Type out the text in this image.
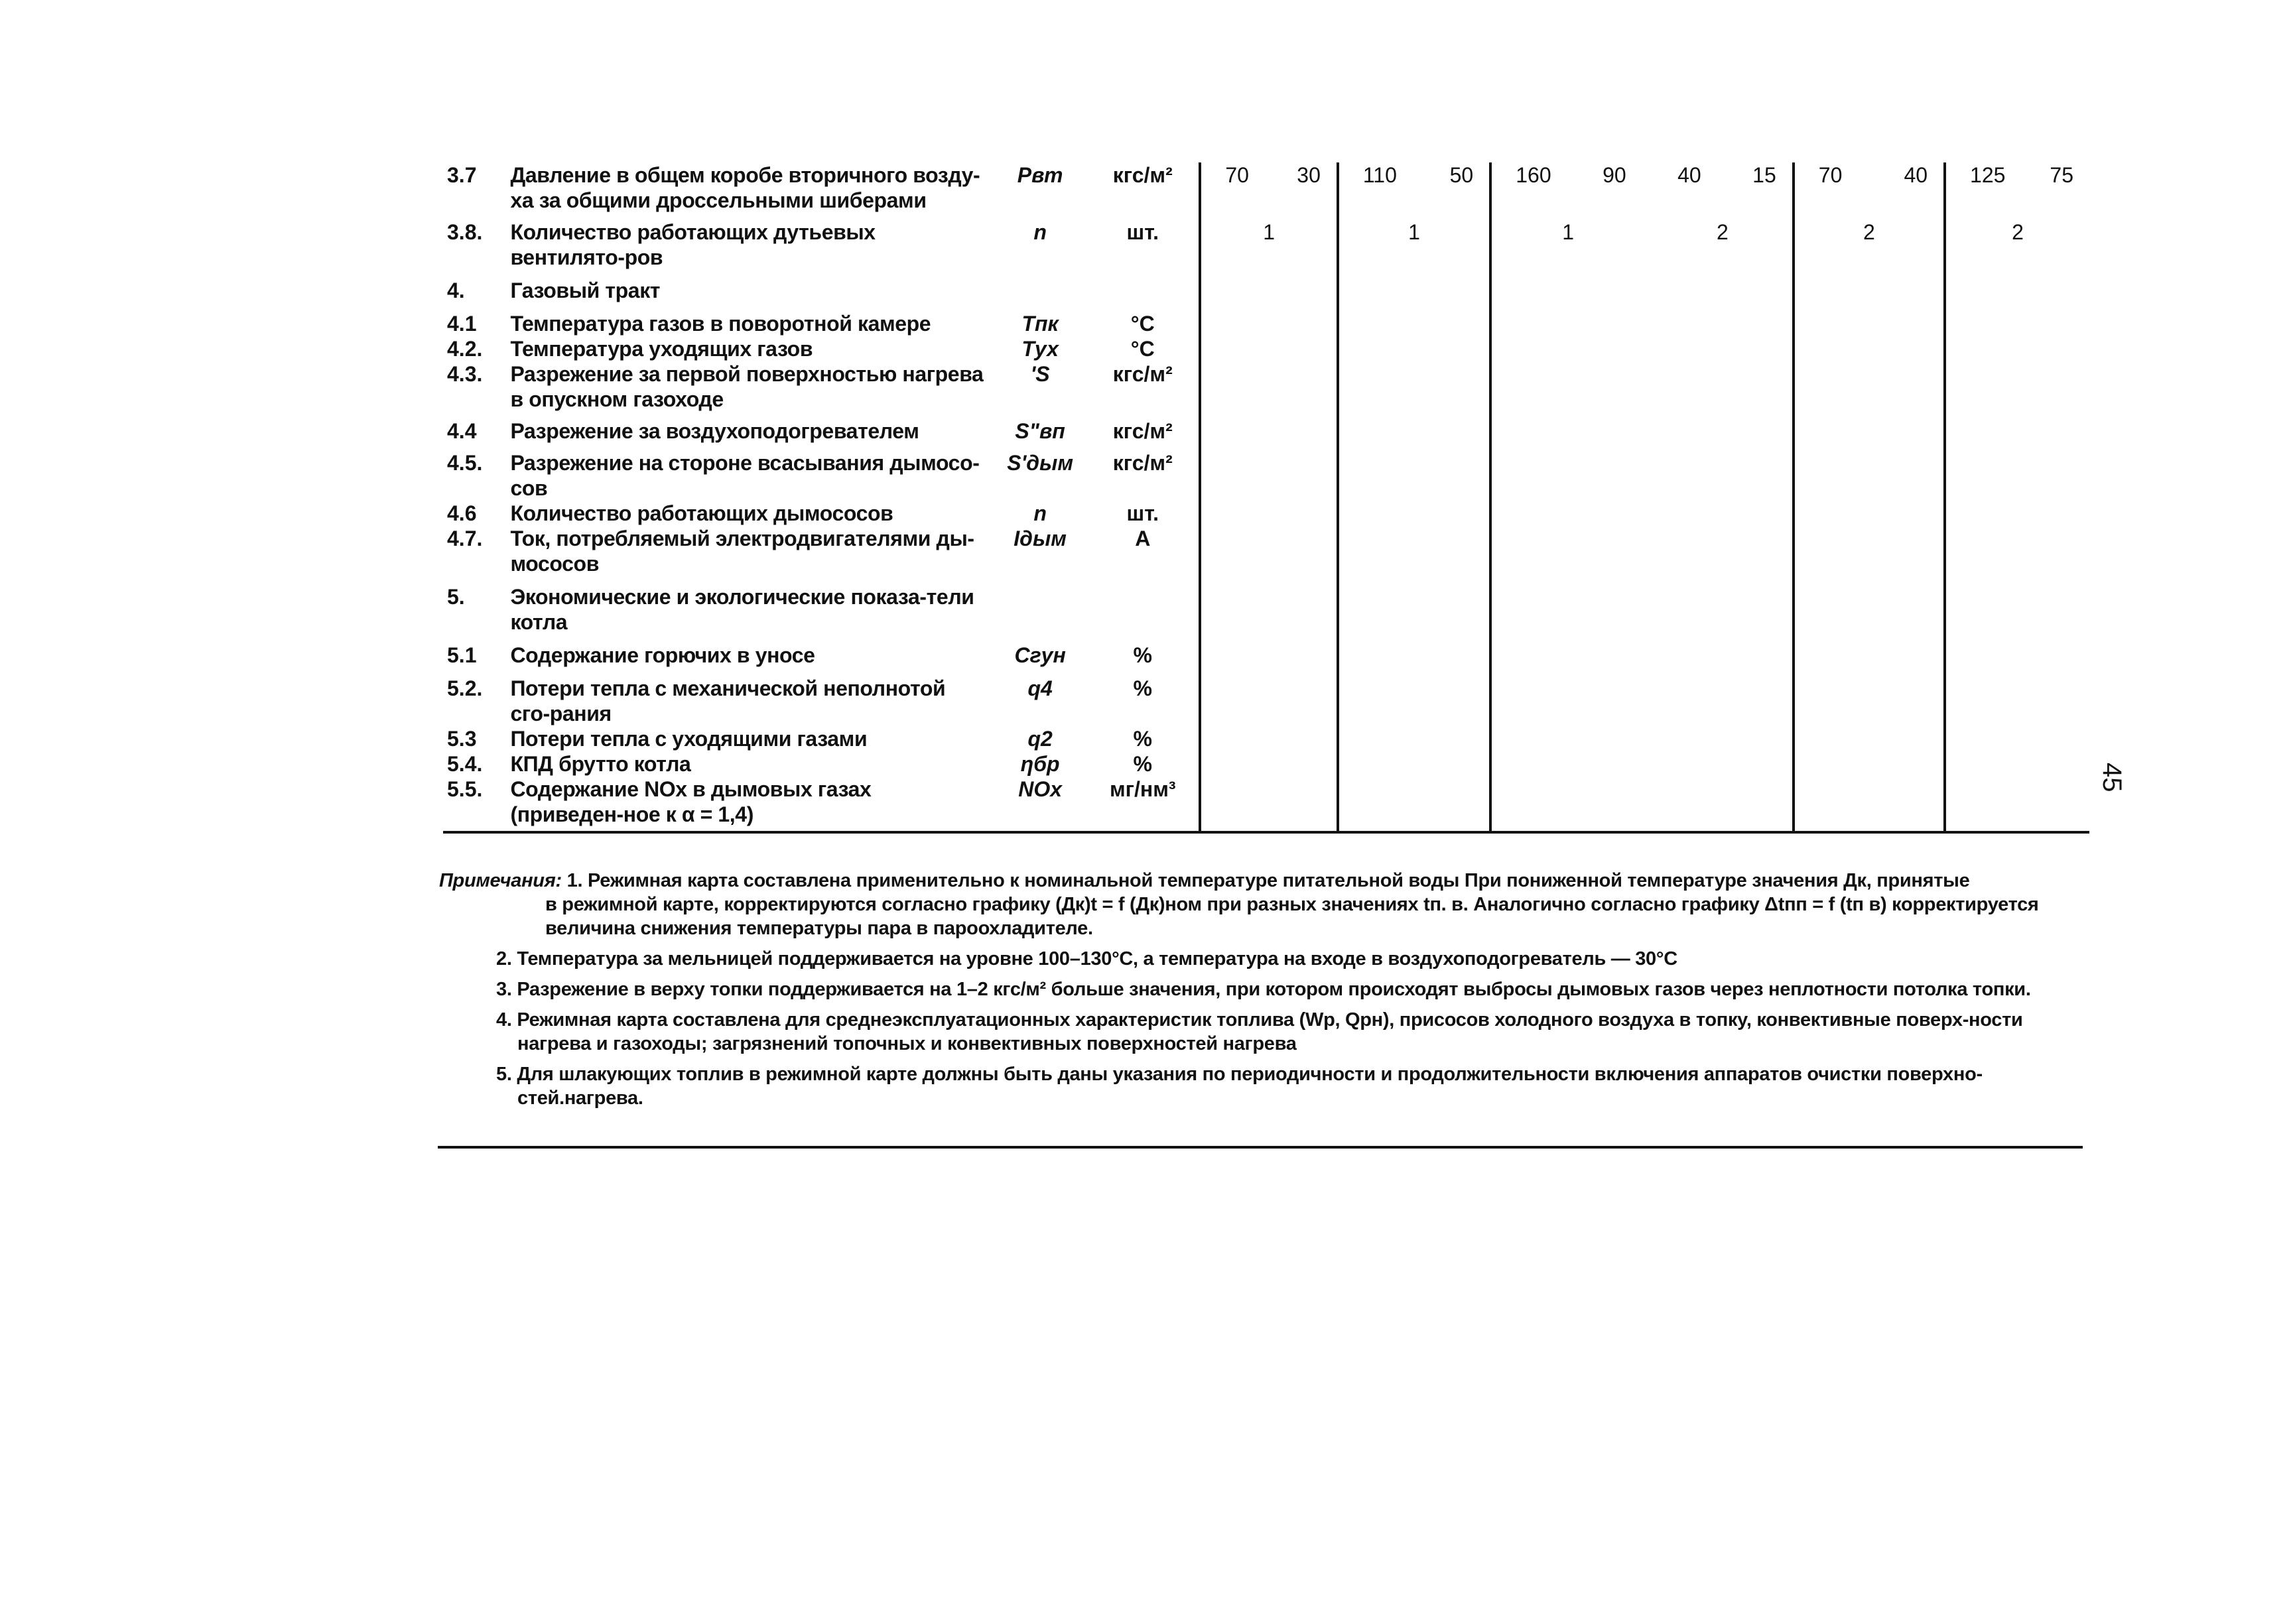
3.7	Давление в общем коробе вторичного возду-ха за общими дроссельными шиберами	Pвт	кгс/м²	70 30	110 50	160 90 40 15	70 40	125 75

3.8.	Количество работающих дутьевых вентилято-ров	n	шт.	1	1	1 2	2	2
4.	Газовый тракт							
4.1	Температура газов в поворотной камере	Tпк	°C					
4.2.	Температура уходящих газов	Tух	°C					
4.3.	Разрежение за первой поверхностью нагрева в опускном газоходе	'S	кгс/м²					
4.4	Разрежение за воздухоподогревателем	S"вп	кгс/м²					
4.5.	Разрежение на стороне всасывания дымосо-сов	S'дым	кгс/м²					
4.6	Количество работающих дымососов	n	шт.					
4.7.	Ток, потребляемый электродвигателями ды-мососов	Iдым	А					
5.	Экономические и экологические показа-тели котла							
5.1	Содержание горючих в уносе	Cгун	%					
5.2.	Потери тепла с механической неполнотой сго-рания	q4	%					
5.3	Потери тепла с уходящими газами	q2	%					
5.4.	КПД брутто котла	ηбр	%					
5.5.	Содержание NOx в дымовых газах (приведен-ное к α = 1,4)	NOx	мг/нм³					
Примечания: 1. Режимная карта составлена применительно к номинальной температуре питательной воды При пониженной температуре значения Дк, принятые
в режимной карте, корректируются согласно графику (Дк)t = f (Дк)ном при разных значениях tп. в. Аналогично согласно графику Δtпп = f (tп в) корректируется величина снижения температуры пара в пароохладителе.
2. Температура за мельницей поддерживается на уровне 100–130°C, а температура на входе в воздухоподогреватель — 30°C
3. Разрежение в верху топки поддерживается на 1–2 кгс/м² больше значения, при котором происходят выбросы дымовых газов через неплотности потолка топки.
4. Режимная карта составлена для среднеэксплуатационных характеристик топлива (Wр, Qрн), присосов холодного воздуха в топку, конвективные поверх-ности нагрева и газоходы; загрязнений топочных и конвективных поверхностей нагрева
5. Для шлакующих топлив в режимной карте должны быть даны указания по периодичности и продолжительности включения аппаратов очистки поверхно-стей.нагрева.
45
